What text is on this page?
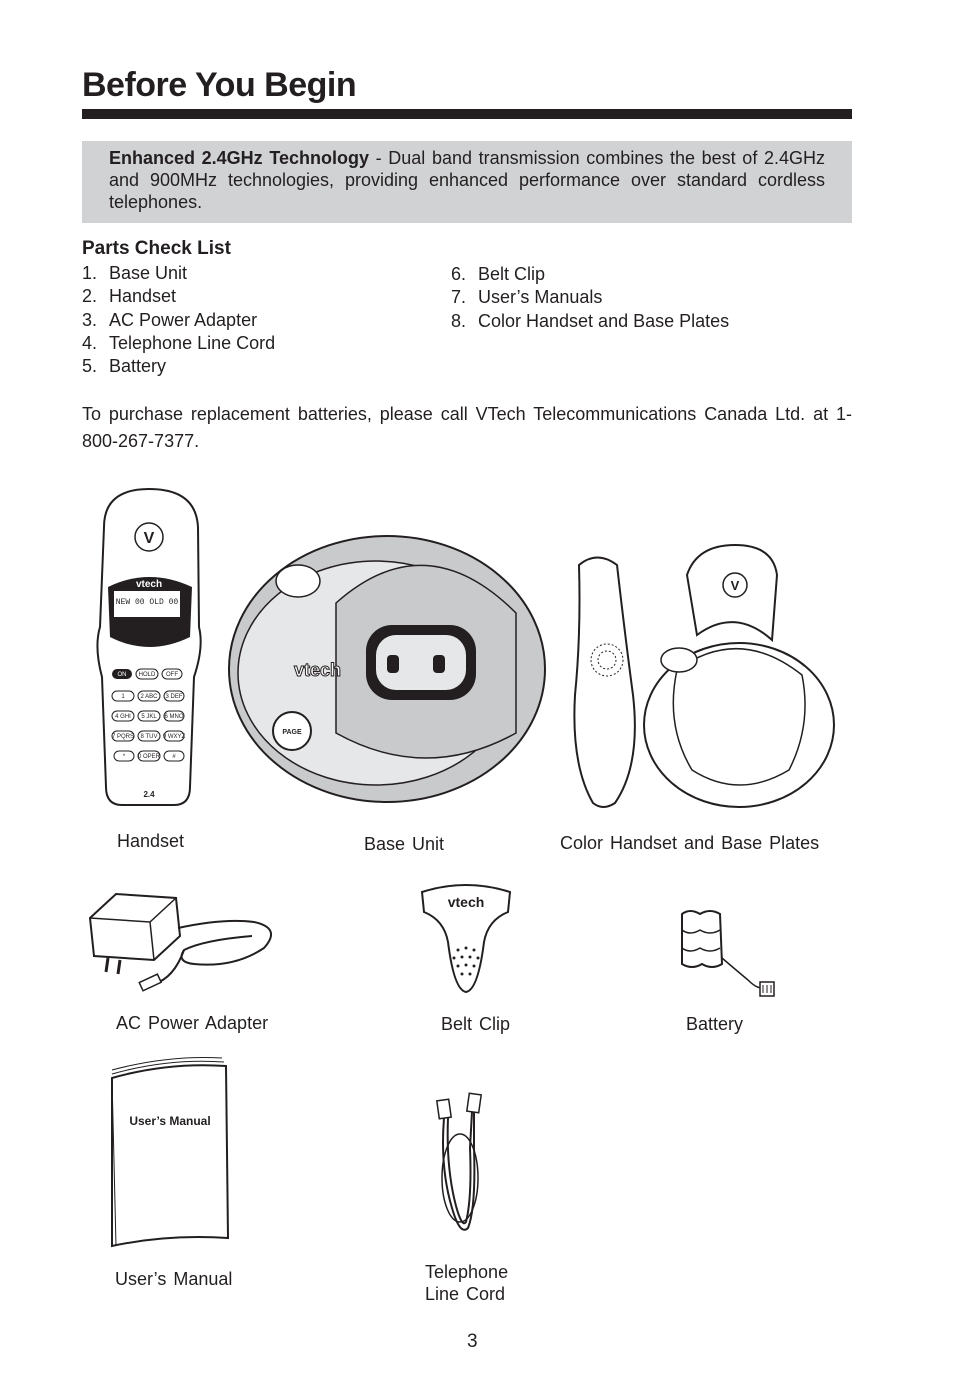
Before You Begin
Enhanced 2.4GHz Technology - Dual band transmission combines the best of 2.4GHz and 900MHz technologies, providing enhanced performance over standard cordless telephones.
Parts Check List
1. Base Unit
2. Handset
3. AC Power Adapter
4. Telephone Line Cord
5. Battery
6. Belt Clip
7. User’s Manuals
8. Color Handset and Base Plates
To purchase replacement batteries, please call VTech Telecommunications Canada Ltd. at 1-800-267-7377.
V
vtech
NEW 00 OLD 00
ON HOLD OFF
1	2 ABC 3 DEF
4 GHI 5 JKL 6 MNO
7 PQRS 8 TUV 9 WXYZ
* 0 OPER #
2.4
Handset
vtech
PAGE
Base Unit
V
Color Handset and Base Plates
AC Power Adapter
vtech
Belt Clip	Battery
User’s Manual
User’s Manual	Telephone
Line Cord
3
